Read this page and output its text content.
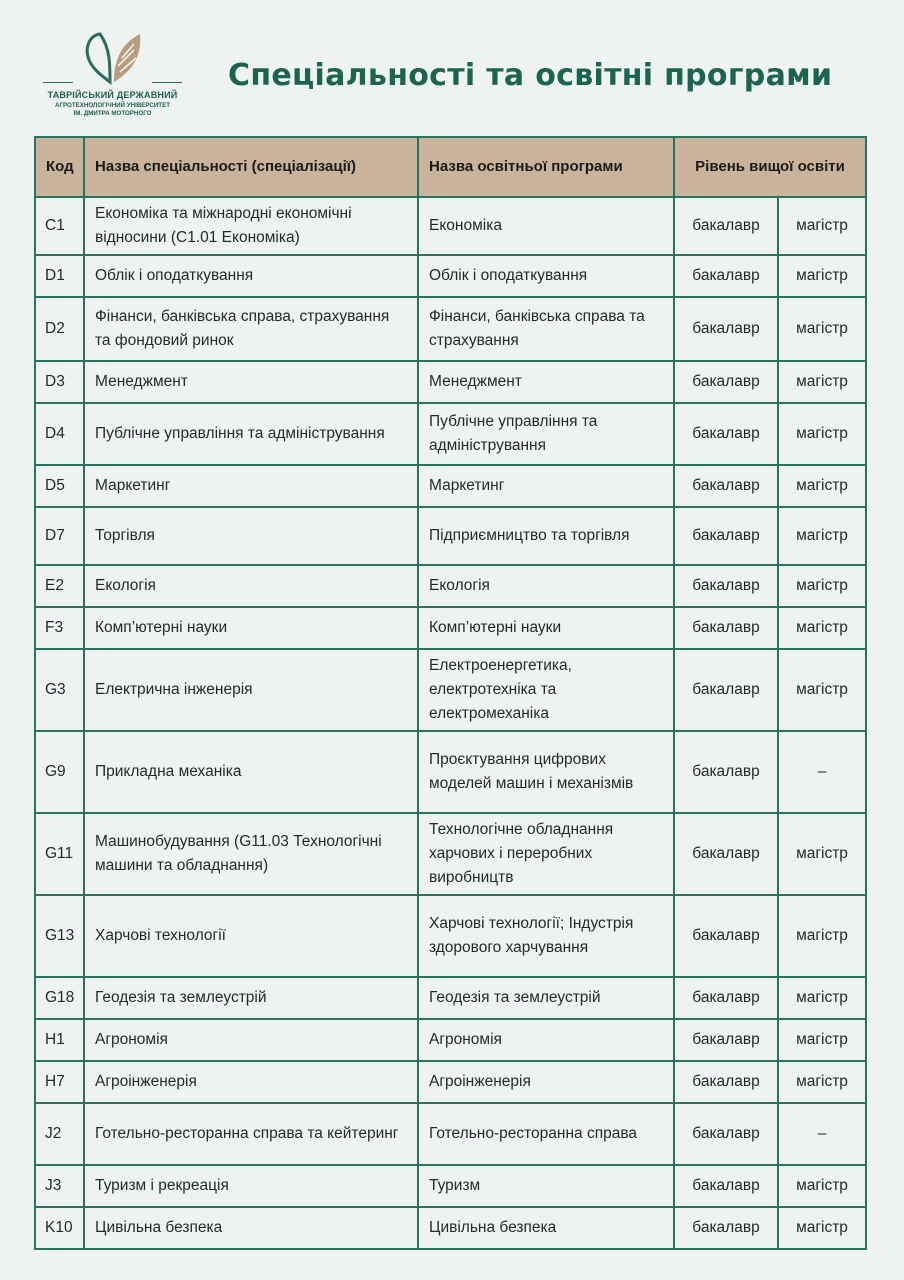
ТАВРІЙСЬКИЙ ДЕРЖАВНИЙ
АГРОТЕХНОЛОГІЧНИЙ УНІВЕРСИТЕТ
ІМ. ДМИТРА МОТОРНОГО
Спеціальності та освітні програми
Код	Назва спеціальності (спеціалізації)	Назва освітньої програми	Рівень вищої освіти	
C1	Економіка та міжнародні економічні відносини (C1.01 Економіка)	Економіка	бакалавр	магістр
D1	Облік і оподаткування	Облік і оподаткування	бакалавр	магістр
D2	Фінанси, банківська справа, страхування та фондовий ринок	Фінанси, банківська справа та страхування	бакалавр	магістр
D3	Менеджмент	Менеджмент	бакалавр	магістр
D4	Публічне управління та адміністрування	Публічне управління та адміністрування	бакалавр	магістр
D5	Маркетинг	Маркетинг	бакалавр	магістр
D7	Торгівля	Підприємництво та торгівля	бакалавр	магістр
E2	Екологія	Екологія	бакалавр	магістр
F3	Комп’ютерні науки	Комп’ютерні науки	бакалавр	магістр
G3	Електрична інженерія	Електроенергетика, електротехніка та електромеханіка	бакалавр	магістр
G9	Прикладна механіка	Проєктування цифрових моделей машин і механізмів	бакалавр	–
G11	Машинобудування (G11.03 Технологічні машини та обладнання)	Технологічне обладнання харчових і переробних виробництв	бакалавр	магістр
G13	Харчові технології	Харчові технології; Індустрія здорового харчування	бакалавр	магістр
G18	Геодезія та землеустрій	Геодезія та землеустрій	бакалавр	магістр
H1	Агрономія	Агрономія	бакалавр	магістр
H7	Агроінженерія	Агроінженерія	бакалавр	магістр
J2	Готельно-ресторанна справа та кейтеринг	Готельно-ресторанна справа	бакалавр	–
J3	Туризм і рекреація	Туризм	бакалавр	магістр
K10	Цивільна безпека	Цивільна безпека	бакалавр	магістр
